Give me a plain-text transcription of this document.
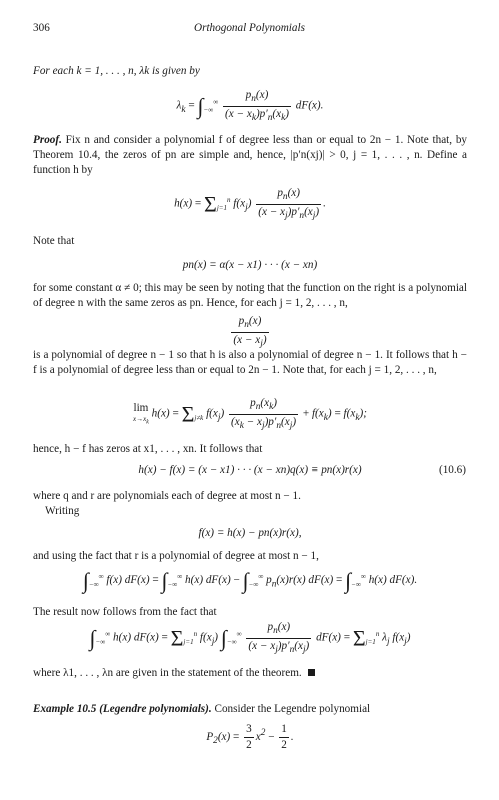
306	Orthogonal Polynomials

For each k = 1, . . . , n, λk is given by

$\lambda_k = \int_{-\infty}^\infty \frac{p_n(x)}{(x - x_k)p'_n(x_k)} dF(x)$.

Proof. Fix n and consider a polynomial f of degree less than or equal to 2n − 1. Note that, by Theorem 10.4, the zeros of pn are simple and, hence, |p′n(xj)| > 0, j = 1, . . . , n. Define a function h by

$h(x) = \Sigma_{j=1}^n$ $f(x_j) \frac{p_n(x)}{(x - x_j)p'_n(x_j)}$ .

Note that

pn(x) = α(x − x1) · · · (x − xn)

for some constant α ≠ 0; this may be seen by noting that the function on the right is a polynomial of degree n with the same zeros as pn. Hence, for each j = 1, 2, . . . , n,

$\frac{p_n(x)}{(x - x_j)}$

is a polynomial of degree n − 1 so that h is also a polynomial of degree n − 1. It follows that h − f is a polynomial of degree less than or equal to 2n − 1. Note that, for each j = 1, 2, . . . , n,

lim
$x\to x_k$
$h(x) = \Sigma_{j\ne k}$ $f(x_j) \frac{p_n(x_k)}{(x_k - x_j)p'_n(x_j)} + f(x_k) = f(x_k)$;

hence, h − f has zeros at x1, . . . , xn. It follows that

h(x) − f(x) = (x − x1) · · · (x − xn)q(x) ≡ pn(x)r(x)	(10.6)

where q and r are polynomials each of degree at most n − 1.

Writing

f(x) = h(x) − pn(x)r(x),

and using the fact that r is a polynomial of degree at most n − 1,

$\int_{-\infty}^\infty$ f(x) $dF(x) = \int_{-\infty}^\infty$ h(x) $dF(x) - \int_{-\infty}^\infty$ $p_n(x)r(x) dF(x) = \int_{-\infty}^\infty$ h(x) dF(x).

The result now follows from the fact that

$\int_{-\infty}^\infty$ h(x) $dF(x) = \Sigma_{j=1}^n$ $f(x_j)$ $\int_{-\infty}^\infty \frac{p_n(x)}{(x - x_j)p'_n(x_j)} dF(x) = \Sigma_{j=1}^n$ $\lambda_j$ $f(x_j)$

where λ1, . . . , λn are given in the statement of the theorem.

Example 10.5 (Legendre polynomials). Consider the Legendre polynomial

$P_2(x) = \frac{3}{2} x^2 - \frac{1}{2}$ .
